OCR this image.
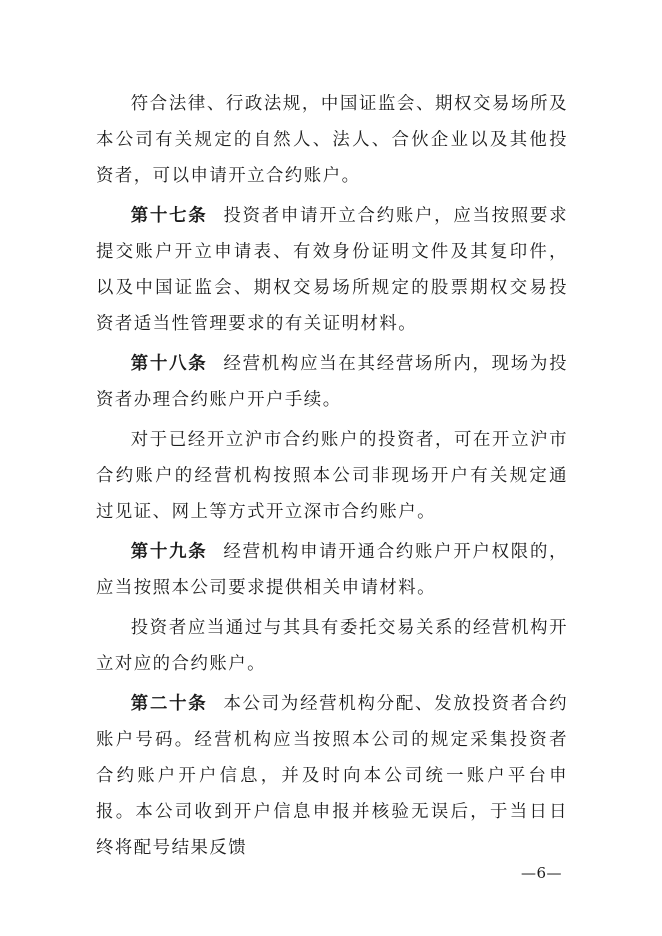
符合法律、行政法规，中国证监会、期权交易场所及本公司有关规定的自然人、法人、合伙企业以及其他投资者，可以申请开立合约账户。

第十七条 投资者申请开立合约账户，应当按照要求提交账户开立申请表、有效身份证明文件及其复印件，以及中国证监会、期权交易场所规定的股票期权交易投资者适当性管理要求的有关证明材料。

第十八条 经营机构应当在其经营场所内，现场为投资者办理合约账户开户手续。

对于已经开立沪市合约账户的投资者，可在开立沪市合约账户的经营机构按照本公司非现场开户有关规定通过见证、网上等方式开立深市合约账户。

第十九条 经营机构申请开通合约账户开户权限的，应当按照本公司要求提供相关申请材料。

投资者应当通过与其具有委托交易关系的经营机构开立对应的合约账户。

第二十条 本公司为经营机构分配、发放投资者合约账户号码。经营机构应当按照本公司的规定采集投资者合约账户开户信息，并及时向本公司统一账户平台申报。本公司收到开户信息申报并核验无误后，于当日日终将配号结果反馈

—6—
